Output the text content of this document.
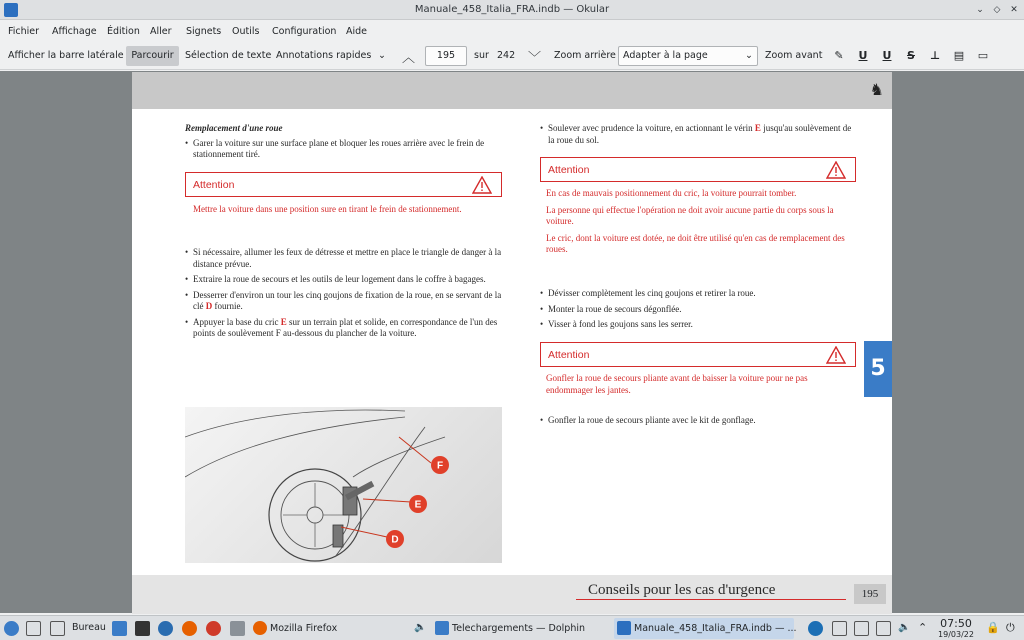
Manuale_458_Italia_FRA.indb — Okular	⌄ ◇ ✕
Fichier Affichage Édition Aller Signets Outils Configuration Aide
Afficher la barre latérale Parcourir	Sélection de texte Annotations rapides ⌄ ︿	195	sur 242 ﹀ Zoom arrière Adapter à la page	⌄ Zoom avant	✎	U	U	S	⊥ ▤ ▭
♞
Remplacement d'une roue
• Garer la voiture sur une surface plane et bloquer les roues arrière avec le frein de stationnement tiré.
Attention
Mettre la voiture dans une position sure en tirant le frein de stationnement.
• Si nécessaire, allumer les feux de détresse et mettre en place le triangle de danger à la distance prévue.
• Extraire la roue de secours et les outils de leur logement dans le coffre à bagages.
• Desserrer d'environ un tour les cinq goujons de fixation de la roue, en se servant de la clé D fournie.
• Appuyer la base du cric E sur un terrain plat et solide, en correspondance de l'un des points de soulèvement F au-dessous du plancher de la voiture.
F
E
D
• Soulever avec prudence la voiture, en actionnant le vérin E jusqu'au soulèvement de la roue du sol.
Attention

En cas de mauvais positionnement du cric, la voiture pourrait tomber.

La personne qui effectue l'opération ne doit avoir aucune partie du corps sous la voiture.

Le cric, dont la voiture est dotée, ne doit être utilisé qu'en cas de remplacement des roues.

• Dévisser complètement les cinq goujons et retirer la roue.
• Monter la roue de secours dégonflée.
• Visser à fond les goujons sans les serrer.
Attention
Gonfler la roue de secours pliante avant de baisser la voiture pour ne pas endommager les jantes.
• Gonfler la roue de secours pliante avec le kit de gonflage.
Conseils pour les cas d'urgence	195
5
Bureau	Mozilla Firefox	🔈	Telechargements — Dolphin	Manuale_458_Italia_FRA.indb — ...	🔈 ⌃	07:50
19/03/22
🔒 ⏻
